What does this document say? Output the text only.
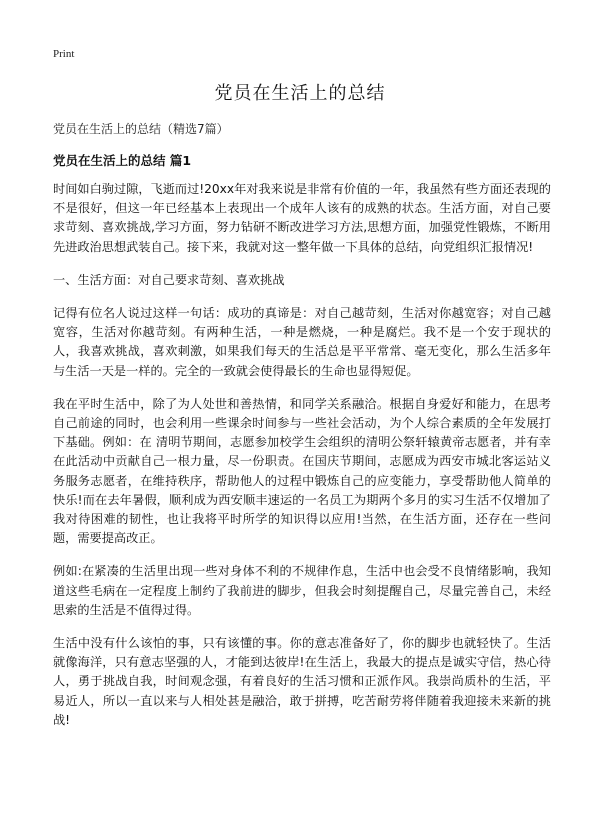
Print
党员在生活上的总结

党员在生活上的总结（精选7篇）

党员在生活上的总结 篇1

时间如白驹过隙，飞逝而过!20xx年对我来说是非常有价值的一年，我虽然有些方面还表现的不是很好，但这一年已经基本上表现出一个成年人该有的成熟的状态。生活方面，对自己要求苛刻、喜欢挑战,学习方面，努力钻研不断改进学习方法,思想方面，加强党性锻炼，不断用先进政治思想武装自己。接下来，我就对这一整年做一下具体的总结，向党组织汇报情况!

一、生活方面：对自己要求苛刻、喜欢挑战

记得有位名人说过这样一句话：成功的真谛是：对自己越苛刻，生活对你越宽容；对自己越宽容，生活对你越苛刻。有两种生活，一种是燃烧，一种是腐烂。我不是一个安于现状的人，我喜欢挑战，喜欢刺激，如果我们每天的生活总是平平常常、毫无变化，那么生活多年与生活一天是一样的。完全的一致就会使得最长的生命也显得短促。

我在平时生活中，除了为人处世和善热情，和同学关系融洽。根据自身爱好和能力，在思考自己前途的同时，也会利用一些课余时间参与一些社会活动，为个人综合素质的全年发展打下基础。例如：在 清明节期间，志愿参加校学生会组织的清明公祭轩辕黄帝志愿者，并有幸在此活动中贡献自己一根力量，尽一份职责。在国庆节期间，志愿成为西安市城北客运站义务服务志愿者，在维持秩序，帮助他人的过程中锻炼自己的应变能力，享受帮助他人简单的快乐!而在去年暑假，顺利成为西安顺丰速运的一名员工为期两个多月的实习生活不仅增加了我对待困难的韧性，也让我将平时所学的知识得以应用!当然，在生活方面，还存在一些问题，需要提高改正。

例如:在紧凑的生活里出现一些对身体不利的不规律作息，生活中也会受不良情绪影响，我知道这些毛病在一定程度上制约了我前进的脚步，但我会时刻提醒自己，尽量完善自己，未经思索的生活是不值得过得。

生活中没有什么该怕的事，只有该懂的事。你的意志准备好了，你的脚步也就轻快了。生活就像海洋，只有意志坚强的人，才能到达彼岸!在生活上，我最大的提点是诚实守信，热心待人，勇于挑战自我，时间观念强，有着良好的生活习惯和正派作风。我崇尚质朴的生活，平易近人，所以一直以来与人相处甚是融洽，敢于拼搏，吃苦耐劳将伴随着我迎接未来新的挑战!
